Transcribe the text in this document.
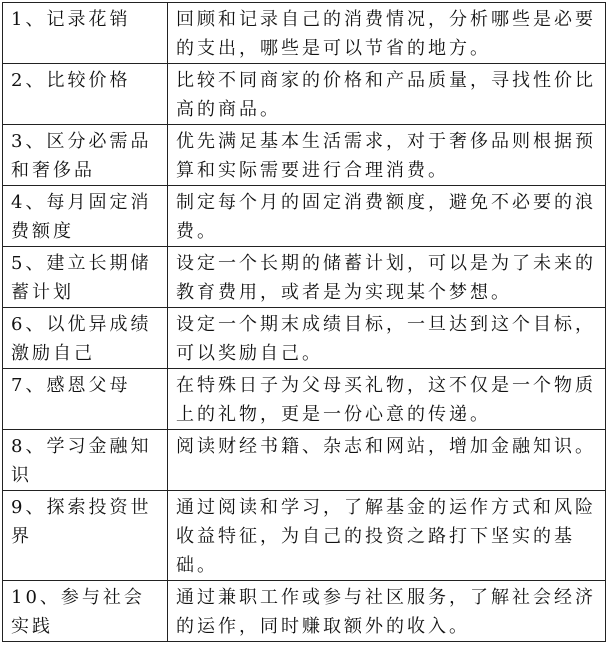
1、记录花销	回顾和记录自己的消费情况，分析哪些是必要的支出，哪些是可以节省的地方。
2、比较价格	比较不同商家的价格和产品质量，寻找性价比高的商品。
3、区分必需品和奢侈品	优先满足基本生活需求，对于奢侈品则根据预算和实际需要进行合理消费。
4、每月固定消费额度	制定每个月的固定消费额度，避免不必要的浪费。
5、建立长期储蓄计划	设定一个长期的储蓄计划，可以是为了未来的教育费用，或者是为实现某个梦想。
6、以优异成绩激励自己	设定一个期末成绩目标，一旦达到这个目标，可以奖励自己。
7、感恩父母	在特殊日子为父母买礼物，这不仅是一个物质上的礼物，更是一份心意的传递。
8、学习金融知识	阅读财经书籍、杂志和网站，增加金融知识。
9、探索投资世界	通过阅读和学习，了解基金的运作方式和风险收益特征，为自己的投资之路打下坚实的基础。
10、参与社会实践	通过兼职工作或参与社区服务，了解社会经济的运作，同时赚取额外的收入。
